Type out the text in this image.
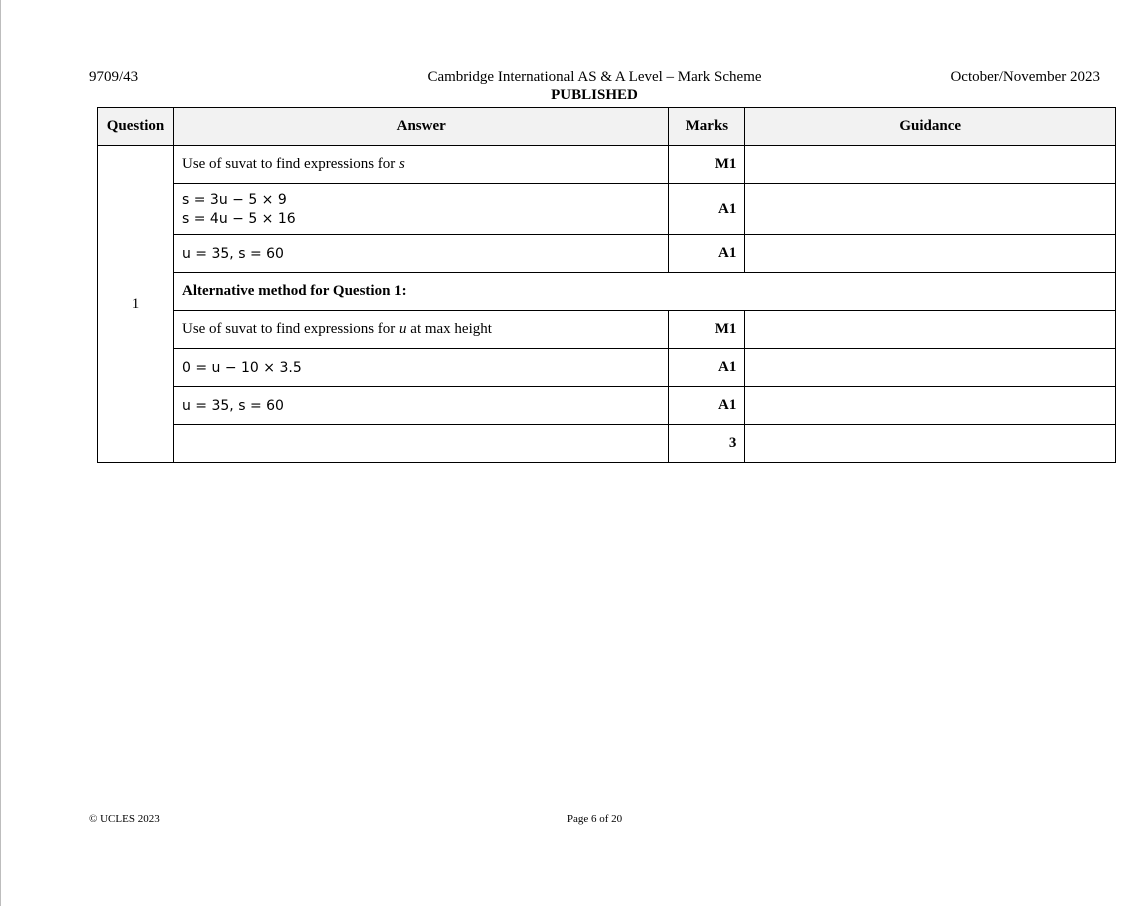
9709/43	Cambridge International AS & A Level – Mark Scheme
PUBLISHED
October/November 2023
Question	Answer	Marks	Guidance
1	Use of suvat to find expressions for s	M1	

	s = 3u − 5 × 9
s = 4u − 5 × 16	A1	
	u = 35, s = 60	A1	
	Alternative method for Question 1:		
	Use of suvat to find expressions for u at max height	M1	
	0 = u − 10 × 3.5	A1	
	u = 35, s = 60	A1	
		3	
© UCLES 2023	Page 6 of 20
